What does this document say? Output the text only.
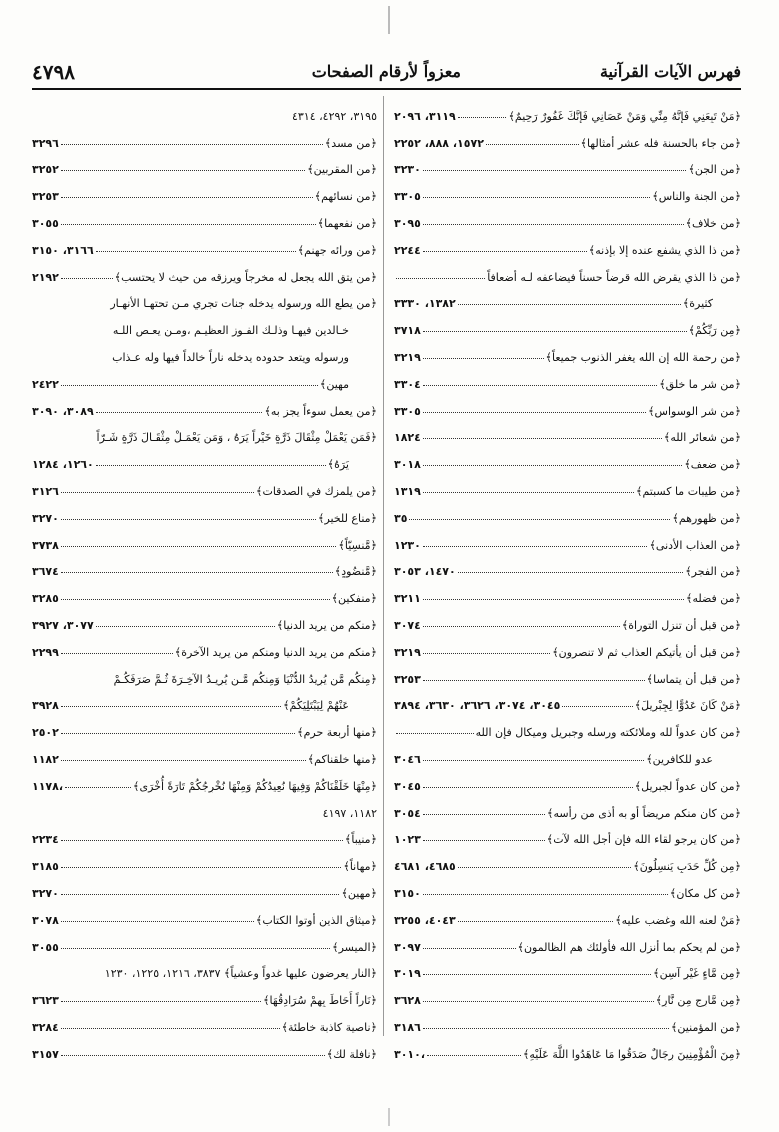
فهرس الآيات القرآنية
معزواً لأرقام الصفحات
٤٧٩٨
﴿مَنْ تَبِعَنِي فَإِنَّهُ مِنِّي وَمَنْ عَصَانِي فَإِنَّكَ غَفُورٌ رَحِيمٌ﴾
٣١١٩، ٢٠٩٦
﴿من جاء بالحسنة فله عشر أمثالها﴾
١٥٧٢، ٨٨٨، ٢٢٥٢
﴿من الجن﴾
٣٢٣٠
﴿من الجنة والناس﴾
٣٣٠٥
﴿من خلاف﴾
٣٠٩٥
﴿من ذا الذي يشفع عنده إلا بإذنه﴾
٢٢٤٤
﴿من ذا الذي يقرض الله قرضاً حسناً فيضاعفه لـه أضعافاً
كثيرة﴾
١٣٨٢، ٣٣٣٠
﴿مِن رَبِّكُمْ﴾
٣٧١٨
﴿من رحمة الله إن الله يغفر الذنوب جميعاً﴾
٣٢١٩
﴿من شر ما خلق﴾
٣٣٠٤
﴿من شر الوسواس﴾
٣٣٠٥
﴿من شعائر الله﴾
١٨٢٤
﴿من ضعف﴾
٣٠١٨
﴿من طيبات ما كسبتم﴾
١٣١٩
﴿من ظهورهم﴾
٣٥
﴿من العذاب الأدنى﴾
١٢٣٠
﴿من الفجر﴾
١٤٧٠، ٣٠٥٣
﴿من فضله﴾
٣٢١١
﴿من قبل أن تنزل التوراة﴾
٣٠٧٤
﴿من قبل أن يأتيكم العذاب ثم لا تنصرون﴾
٣٢١٩
﴿من قبل أن يتماسا﴾
٣٢٥٣
﴿مَنْ كَانَ عَدُوًّا لِجِبْرِيلَ﴾
٣٠٤٥، ٣٠٧٤، ٣٦٢٦، ٣٦٣٠، ٣٨٩٤
﴿من كان عدواً لله وملائكته ورسله وجبريل وميكال فإن الله
عدو للكافرين﴾
٣٠٤٦
﴿من كان عدواً لجبريل﴾
٣٠٤٥
﴿من كان منكم مريضاً أو به أذى من رأسه﴾
٣٠٥٤
﴿من كان يرجو لقاء الله فإن أجل الله لآت﴾
١٠٢٣
﴿مِن كُلِّ حَدَبٍ يَنسِلُونَ﴾
٤٦٨٥، ٤٦٨١
﴿من كل مكان﴾
٣١٥٠
﴿مَنْ لعنه الله وغضب عليه﴾
٤٠٤٣، ٣٢٥٥
﴿من لم يحكم بما أنزل الله فأولئك هم الظالمون﴾
٣٠٩٧
﴿مِن مَّاءٍ غَيْرِ آسِنٍ﴾
٣٠١٩
﴿مِن مَّارِجٍ مِن نَّارٍ﴾
٣٦٢٨
﴿من المؤمنين﴾
٣١٨٦
﴿مِنَ الْمُؤْمِنِينَ رِجَالٌ صَدَقُوا مَا عَاهَدُوا اللَّهَ عَلَيْهِ﴾
٣٠١٠،
٣١٩٥، ٤٢٩٢، ٤٣١٤
﴿من مسد﴾
٣٢٩٦
﴿من المقربين﴾
٣٢٥٢
﴿من نسائهم﴾
٣٢٥٣
﴿من نفعهما﴾
٣٠٥٥
﴿من ورائه جهنم﴾
٣١٦٦، ٣١٥٠
﴿من يتق الله يجعل له مخرجاً ويرزقه من حيث لا يحتسب﴾
٢١٩٢
﴿من يطع الله ورسوله يدخله جنات تجري مـن تحتهـا الأنهـار
خـالدين فيهـا وذلـك الفـوز العظيـم ،ومـن يعـص اللـه
ورسوله ويتعد حدوده يدخله ناراً خالداً فيها وله عـذاب
مهين﴾
٢٤٢٢
﴿من يعمل سوءاً يجز به﴾
٣٠٨٩، ٣٠٩٠
﴿فَمَن يَعْمَلْ مِثْقَالَ ذَرَّةٍ خَيْراً يَرَهُ ، وَمَن يَعْمَـلْ مِثْقَـالَ ذَرَّةٍ شَـرّاً
يَرَهُ﴾
١٢٦٠، ١٢٨٤
﴿من يلمزك في الصدقات﴾
٣١٢٦
﴿مناع للخير﴾
٣٢٧٠
﴿مَّنسِيّاً﴾
٣٧٣٨
﴿مَّنضُودٍ﴾
٣٦٧٤
﴿منفكين﴾
٣٢٨٥
﴿منكم من يريد الدنيا﴾
٣٠٧٧، ٣٩٢٧
﴿منكم من يريد الدنيا ومنكم من يريد الآخرة﴾
٢٢٩٩
﴿مِنكُم مَّن يُرِيدُ الدُّنْيَا وَمِنكُم مَّـن يُرِيـدُ الآخِـرَةَ ثُـمَّ صَرَفَكُـمْ
عَنْهُمْ لِيَبْتَلِيَكُمْ﴾
٣٩٢٨
﴿منها أربعة حرم﴾
٢٥٠٢
﴿منها خلقناكم﴾
١١٨٢
﴿مِنْهَا خَلَقْنَاكُمْ وَفِيهَا نُعِيدُكُمْ وَمِنْهَا نُخْرِجُكُمْ تَارَةً أُخْرَى﴾
١١٧٨،
١١٨٢، ٤١٩٧
﴿منيباً﴾
٢٢٣٤
﴿مهاناً﴾
٣١٨٥
﴿مهين﴾
٣٢٧٠
﴿ميثاق الذين أوتوا الكتاب﴾
٣٠٧٨
﴿الميسر﴾
٣٠٥٥
﴿النار يعرضون عليها غدواً وعشياً﴾ ٣٨٣٧، ١٢١٦، ١٢٢٥، ١٢٣٠
﴿نَاراً أَحَاطَ بِهِمْ سُرَادِقُهَا﴾
٣٦٢٣
﴿ناصية كاذبة خاطئة﴾
٣٢٨٤
﴿نافلة لك﴾
٣١٥٧
